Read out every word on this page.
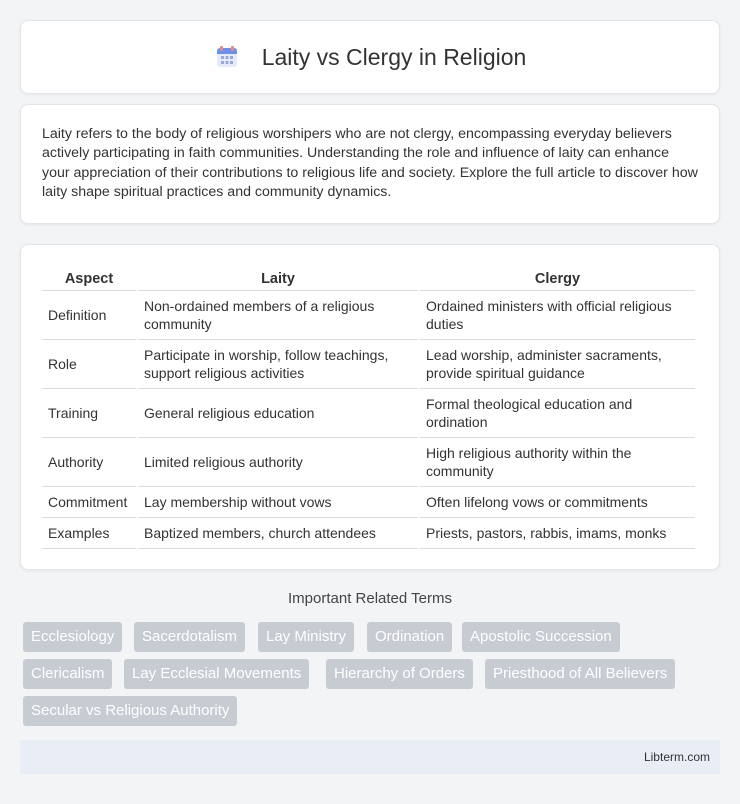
Laity vs Clergy in Religion

Laity refers to the body of religious worshipers who are not clergy, encompassing everyday believers actively participating in faith communities. Understanding the role and influence of laity can enhance your appreciation of their contributions to religious life and society. Explore the full article to discover how laity shape spiritual practices and community dynamics.

Aspect	Laity	Clergy
Definition	Non-ordained members of a religious community	Ordained ministers with official religious duties
Role	Participate in worship, follow teachings, support religious activities	Lead worship, administer sacraments, provide spiritual guidance
Training	General religious education	Formal theological education and ordination
Authority	Limited religious authority	High religious authority within the community
Commitment	Lay membership without vows	Often lifelong vows or commitments
Examples	Baptized members, church attendees	Priests, pastors, rabbis, imams, monks
Important Related Terms
Ecclesiology	Sacerdotalism	Lay Ministry	Ordination	Apostolic Succession
Clericalism	Lay Ecclesial Movements	Hierarchy of Orders	Priesthood of All Believers
Secular vs Religious Authority
Libterm.com
